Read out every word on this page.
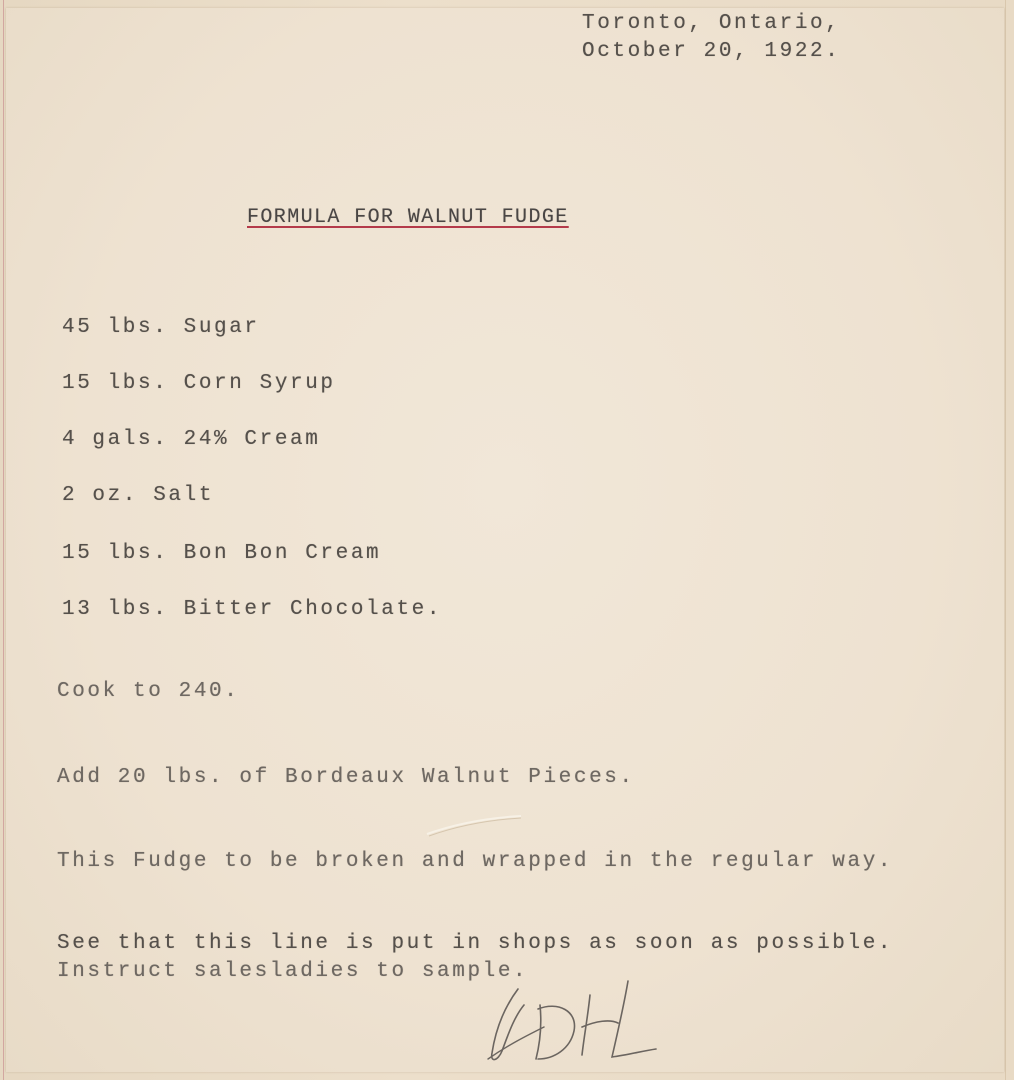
Toronto, Ontario,
October 20, 1922.
FORMULA FOR WALNUT FUDGE
45 lbs. Sugar
15 lbs. Corn Syrup
4 gals. 24% Cream
2 oz. Salt
15 lbs. Bon Bon Cream
13 lbs. Bitter Chocolate.
Cook to 240.
Add 20 lbs. of Bordeaux Walnut Pieces.
This Fudge to be broken and wrapped in the regular way.
See that this line is put in shops as soon as possible.
Instruct salesladies to sample.
